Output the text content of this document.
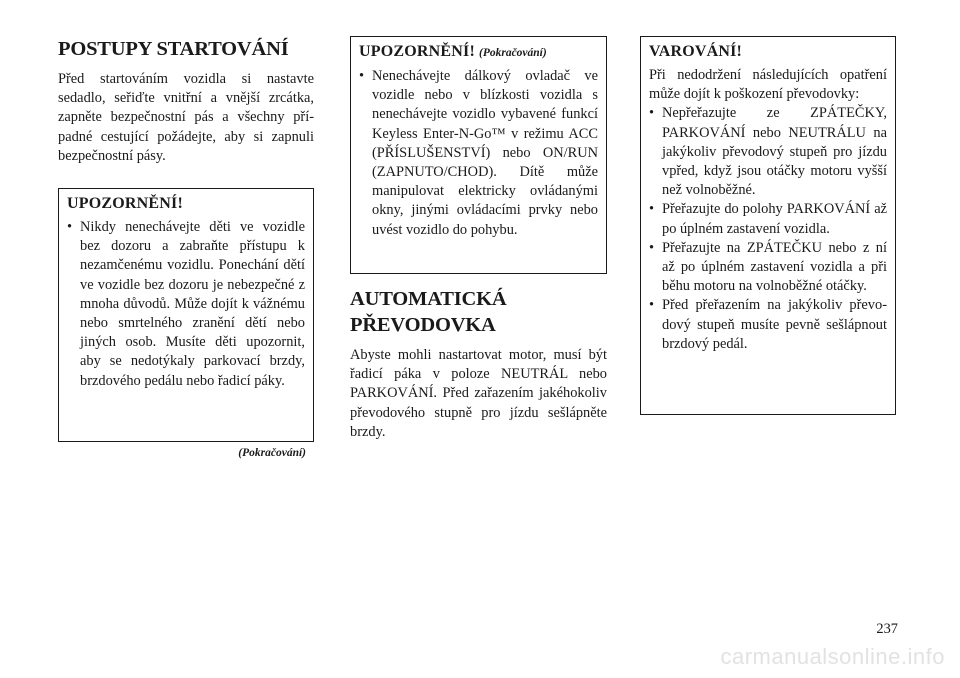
POSTUPY STARTOVÁNÍ

Před startováním vozidla si nastavte sedadlo, seřiďte vnitřní a vnější zrcátka, zapněte bezpečnostní pás a všechny případné cestující požádejte, aby si zapnuli bezpečnostní pásy.

UPOZORNĚNÍ!
• Nikdy nenechávejte děti ve vozidle bez dozoru a zabraňte přístupu k nezamčenému vozidlu. Ponechání dětí ve vozidle bez dozoru je nebezpečné z mnoha důvodů. Může dojít k vážnému nebo smrtelného zranění dětí nebo jiných osob. Musíte děti upozornit, aby se nedotýkaly parkovací brzdy, brzdového pedálu nebo řadicí páky.
(Pokračování)
UPOZORNĚNÍ! (Pokračování)
• Nenechávejte dálkový ovladač ve vozidle nebo v blízkosti vozidla s nenechávejte vozidlo vybavené funkcí Keyless Enter-N-Go™ v režimu ACC (PŘÍSLUŠENSTVÍ) nebo ON/RUN (ZAPNUTO/CHOD). Dítě může manipulovat elektricky ovládanými okny, jinými ovládacími prvky nebo uvést vozidlo do pohybu.
AUTOMATICKÁ
PŘEVODOVKA

Abyste mohli nastartovat motor, musí být řadicí páka v poloze NEUTRÁL nebo PARKOVÁNÍ. Před zařazením jakéhokoliv převodového stupně pro jízdu sešlápněte brzdy.

VAROVÁNÍ!

Při nedodržení následujících opatření může dojít k poškození převodovky:

• Nepřeřazujte ze ZPÁTEČKY, PARKOVÁNÍ nebo NEUTRÁLU na jakýkoliv převodový stupeň pro jízdu vpřed, když jsou otáčky motoru vyšší než volnoběžné.
• Přeřazujte do polohy PARKOVÁNÍ až po úplném zastavení vozidla.
• Přeřazujte na ZPÁTEČKU nebo z ní až po úplném zastavení vozidla a při běhu motoru na volnoběžné otáčky.
• Před přeřazením na jakýkoliv převodový stupeň musíte pevně sešlápnout brzdový pedál.
237
carmanualsonline.info
